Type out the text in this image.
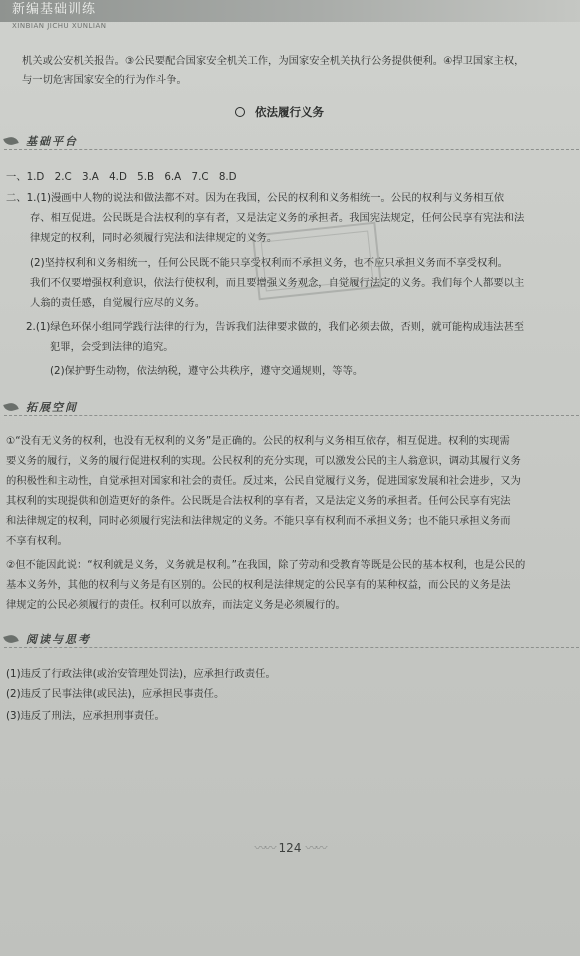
新编基础训练
XINBIAN JICHU XUNLIAN
机关或公安机关报告。③公民要配合国家安全机关工作，为国家安全机关执行公务提供便利。④捍卫国家主权，
与一切危害国家安全的行为作斗争。
依法履行义务
基础平台
一、1.D　2.C　3.A　4.D　5.B　6.A　7.C　8.D
二、1.(1)漫画中人物的说法和做法都不对。因为在我国，公民的权利和义务相统一。公民的权利与义务相互依
存、相互促进。公民既是合法权利的享有者，又是法定义务的承担者。我国宪法规定，任何公民享有宪法和法
律规定的权利，同时必须履行宪法和法律规定的义务。
(2)坚持权利和义务相统一，任何公民既不能只享受权利而不承担义务，也不应只承担义务而不享受权利。
我们不仅要增强权利意识，依法行使权利，而且要增强义务观念，自觉履行法定的义务。我们每个人都要以主
人翁的责任感，自觉履行应尽的义务。
2.(1)绿色环保小组同学践行法律的行为，告诉我们法律要求做的，我们必须去做，否则，就可能构成违法甚至
犯罪，会受到法律的追究。
(2)保护野生动物，依法纳税，遵守公共秩序，遵守交通规则，等等。
拓展空间
①“没有无义务的权利，也没有无权利的义务”是正确的。公民的权利与义务相互依存，相互促进。权利的实现需
要义务的履行，义务的履行促进权利的实现。公民权利的充分实现，可以激发公民的主人翁意识，调动其履行义务
的积极性和主动性，自觉承担对国家和社会的责任。反过来，公民自觉履行义务，促进国家发展和社会进步，又为
其权利的实现提供和创造更好的条件。公民既是合法权利的享有者，又是法定义务的承担者。任何公民享有宪法
和法律规定的权利，同时必须履行宪法和法律规定的义务。不能只享有权利而不承担义务；也不能只承担义务而
不享有权利。
②但不能因此说：“权利就是义务，义务就是权利。”在我国，除了劳动和受教育等既是公民的基本权利，也是公民的
基本义务外，其他的权利与义务是有区别的。公民的权利是法律规定的公民享有的某种权益，而公民的义务是法
律规定的公民必须履行的责任。权利可以放弃，而法定义务是必须履行的。
阅读与思考
(1)违反了行政法律(或治安管理处罚法)，应承担行政责任。
(2)违反了民事法律(或民法)，应承担民事责任。
(3)违反了刑法，应承担刑事责任。
〰〰 124 〰〰
